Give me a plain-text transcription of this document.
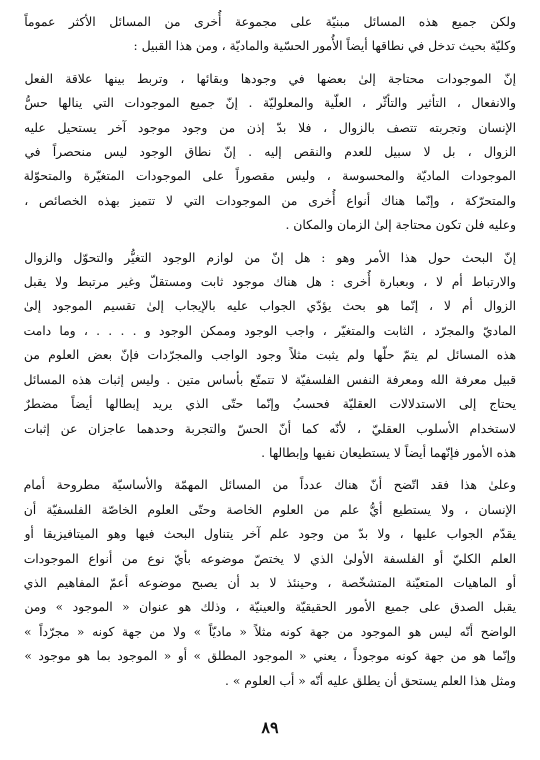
ولكن جميع هذه المسائل مبنيّة على مجموعة أُخرى من المسائل الأكثر عموماً
وكليّة بحيث تدخل في نطاقها أيضاً الأُمور الحسّية والماديّة ، ومن هذا القبيل :
إنّ الموجودات محتاجة إلىٰ بعضها في وجودها وبقائها ، وتربط بينها علاقة الفعل
والانفعال ، التأثير والتأثّر ، العلّية والمعلوليّة . إنّ جميع الموجودات التي ينالها حسُّ
الإنسان وتجربته تتصف بالزوال ، فلا بدّ إذن من وجود موجود آخر يستحيل عليه
الزوال ، بل لا سبيل للعدم والنقص إليه . إنّ نطاق الوجود ليس منحصراً في
الموجودات الماديّة والمحسوسة ، وليس مقصوراً على الموجودات المتغيّرة والمتحوّلة
والمتحرّكة ، وإنّما هناك أنواع أُخرى من الموجودات التي لا تتميز بهذه الخصائص ،
وعليه فلن تكون محتاجة إلىٰ الزمان والمكان .
إنّ البحث حول هذا الأمر وهو : هل إنّ من لوازم الوجود التغيُّر والتحوّل والزوال
والارتباط أم لا ، وبعبارة أُخرى : هل هناك موجود ثابت ومستقلّ وغير مرتبط ولا يقبل
الزوال أم لا ، إنّما هو بحث يؤدّي الجواب عليه بالإيجاب إلىٰ تقسيم الموجود إلىٰ
الماديّ والمجرّد ، الثابت والمتغيّر ، واجب الوجود وممكن الوجود و . . . . ، وما دامت
هذه المسائل لم يتمّ حلّها ولم يثبت مثلاً وجود الواجب والمجرّدات فإنّ بعض العلوم من
قبيل معرفة الله ومعرفة النفس الفلسفيّة لا تتمتّع بأساس متين . وليس إثبات هذه المسائل
يحتاج إلى الاستدلالات العقليّة فحسبُ وإنّما حتّى الذي يريد إبطالها أيضاً مضطرٌ
لاستخدام الأسلوب العقليّ ، لأنّه كما أنّ الحسّ والتجربة وحدهما عاجزان عن إثبات
هذه الأمور فإنّهما أيضاً لا يستطيعان نفيها وإبطالها .
وعلىٰ هذا فقد اتّضح أنّ هناك عدداً من المسائل المهمّة والأساسيّة مطروحة أمام
الإنسان ، ولا يستطيع أيُّ علم من العلوم الخاصة وحتّى العلوم الخاصّة الفلسفيّة أن
يقدّم الجواب عليها ، ولا بدّ من وجود علم آخر يتناول البحث فيها وهو الميتافيزيقا أو
العلم الكليّ أو الفلسفة الأولىٰ الذي لا يختصّ موضوعه بأيّ نوع من أنواع الموجودات
أو الماهيات المتعيّنة المتشخّصة ، وحينئذ لا بد أن يصبح موضوعه أعمّ المفاهيم الذي
يقبل الصدق على جميع الأمور الحقيقيّة والعينيّة ، وذلك هو عنوان « الموجود » ومن
الواضح أنّه ليس هو الموجود من جهة كونه مثلاً « ماديّاً » ولا من جهة كونه « مجرّداً »
وإنّما هو من جهة كونه موجوداً ، يعني « الموجود المطلق » أو « الموجود بما هو موجود »
ومثل هذا العلم يستحق أن يطلق عليه أنّه « أب العلوم » .
٨٩
